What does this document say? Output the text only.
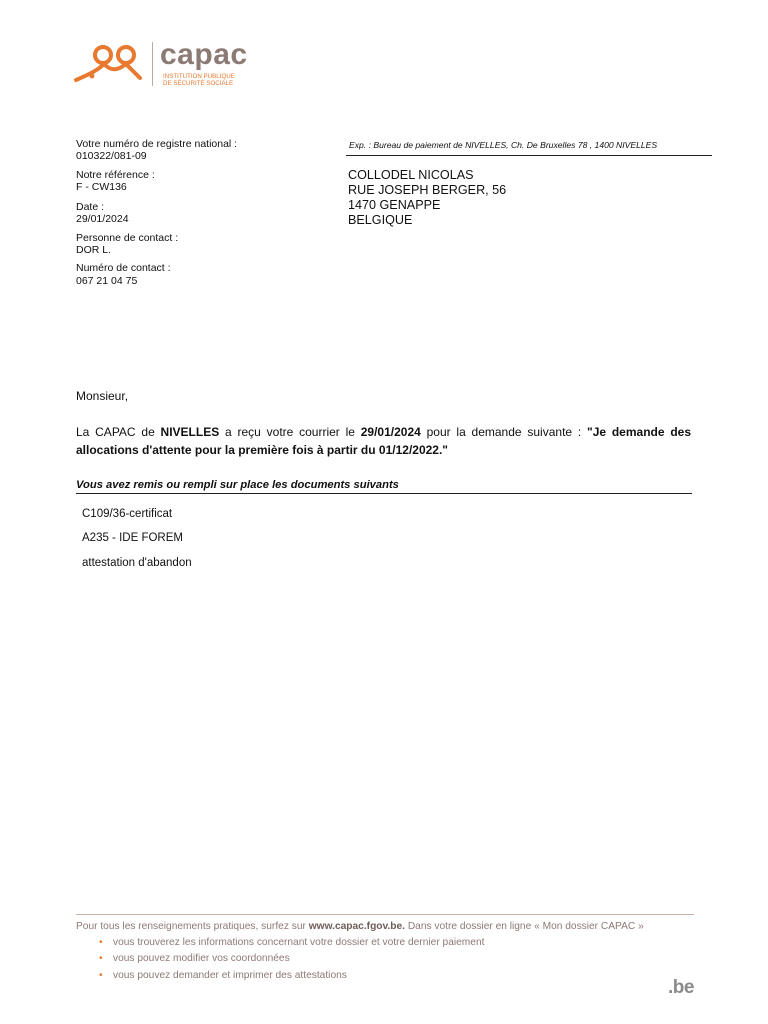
capac
INSTITUTION PUBLIQUE
DE SÉCURITÉ SOCIALE
Votre numéro de registre national :
010322/081-09
Notre référence :
F - CW136
Date :
29/01/2024
Personne de contact :
DOR L.
Numéro de contact :
067 21 04 75
Exp. : Bureau de paiement de NIVELLES, Ch. De Bruxelles 78 , 1400 NIVELLES
COLLODEL NICOLAS
RUE JOSEPH BERGER, 56
1470 GENAPPE
BELGIQUE
Monsieur,
La CAPAC de NIVELLES a reçu votre courrier le 29/01/2024 pour la demande suivante : "Je demande des allocations d'attente pour la première fois à partir du 01/12/2022."
Vous avez remis ou rempli sur place les documents suivants
C109/36-certificat
A235 - IDE FOREM
attestation d'abandon
Pour tous les renseignements pratiques, surfez sur www.capac.fgov.be. Dans votre dossier en ligne « Mon dossier CAPAC »
• vous trouverez les informations concernant votre dossier et votre dernier paiement
• vous pouvez modifier vos coordonnées
• vous pouvez demander et imprimer des attestations
.be
